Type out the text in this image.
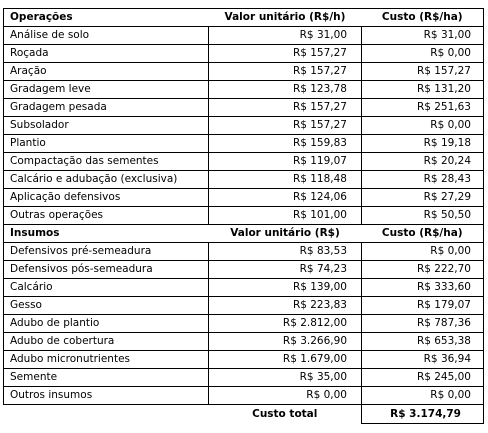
Operações	Valor unitário (R$/h)	Custo (R$/ha)
Análise de solo	R$ 31,00	R$ 31,00
Roçada	R$ 157,27	R$ 0,00
Aração	R$ 157,27	R$ 157,27
Gradagem leve	R$ 123,78	R$ 131,20
Gradagem pesada	R$ 157,27	R$ 251,63
Subsolador	R$ 157,27	R$ 0,00
Plantio	R$ 159,83	R$ 19,18
Compactação das sementes	R$ 119,07	R$ 20,24
Calcário e adubação (exclusiva)	R$ 118,48	R$ 28,43
Aplicação defensivos	R$ 124,06	R$ 27,29
Outras operações	R$ 101,00	R$ 50,50
Insumos	Valor unitário (R$)	Custo (R$/ha)
Defensivos pré-semeadura	R$ 83,53	R$ 0,00
Defensivos pós-semeadura	R$ 74,23	R$ 222,70
Calcário	R$ 139,00	R$ 333,60
Gesso	R$ 223,83	R$ 179,07
Adubo de plantio	R$ 2.812,00	R$ 787,36
Adubo de cobertura	R$ 3.266,90	R$ 653,38
Adubo micronutrientes	R$ 1.679,00	R$ 36,94
Semente	R$ 35,00	R$ 245,00
Outros insumos	R$ 0,00	R$ 0,00
	Custo total	R$ 3.174,79
